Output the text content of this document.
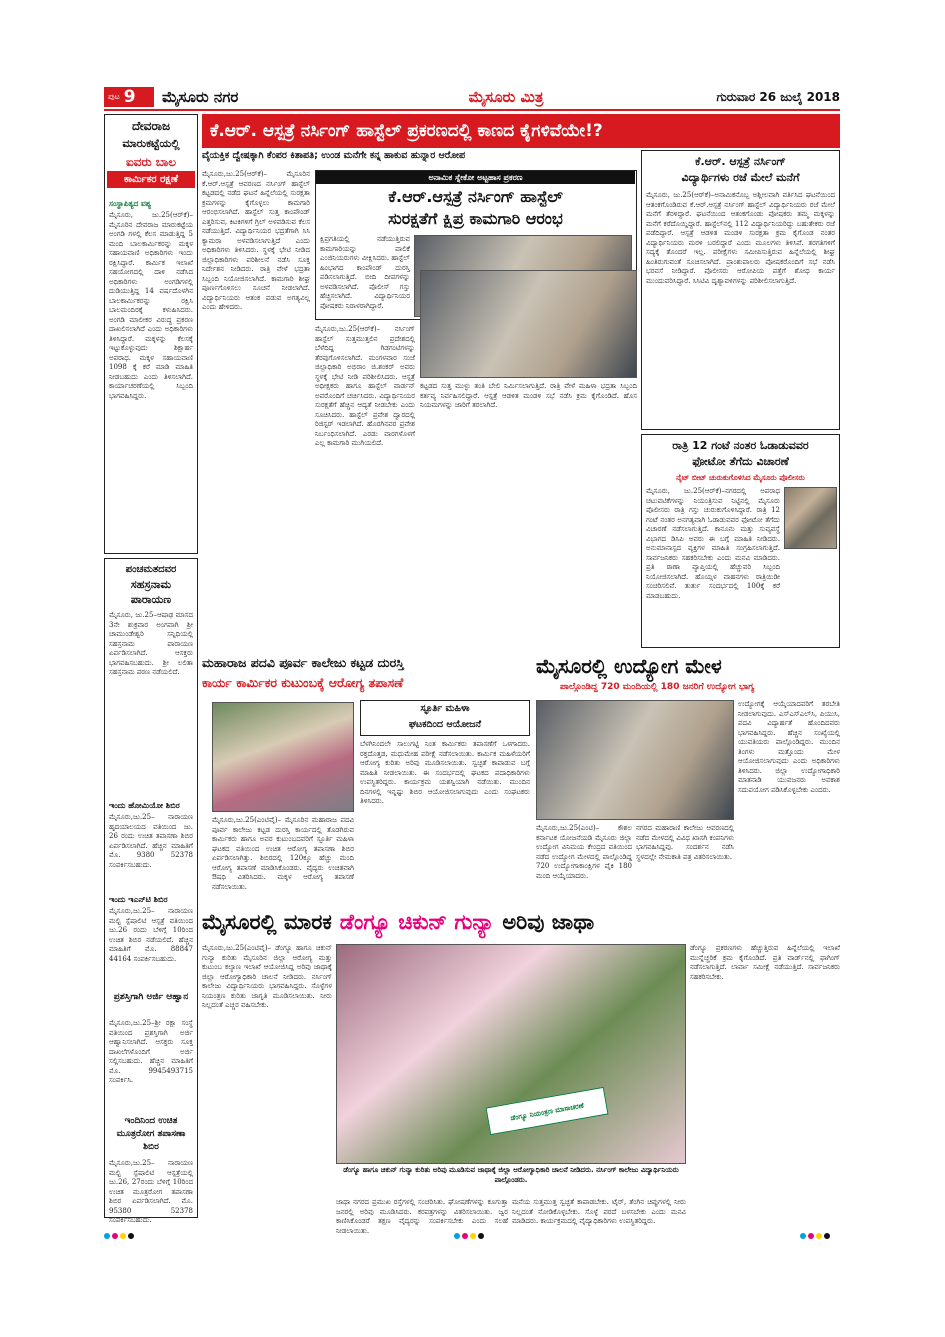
ಪುಟ 9 ಮೈಸೂರು ನಗರ	ಮೈಸೂರು ಮಿತ್ರ	ಗುರುವಾರ 26 ಜುಲೈ 2018
ಕೆ.ಆರ್. ಆಸ್ಪತ್ರೆ ನರ್ಸಿಂಗ್ ಹಾಸ್ಟೆಲ್ ಪ್ರಕರಣದಲ್ಲಿ ಕಾಣದ ಕೈಗಳಿವೆಯೇ!?
ವೈಯಕ್ತಿಕ ದ್ವೇಷಕ್ಕಾಗಿ ಕೆಂಪರ ಕಿತಾಪತಿ; ಉಂಡ ಮನೆಗೇ ಕನ್ನ ಹಾಕುವ ಹುನ್ನಾರ ಆರೋಪ
ದೇವರಾಜ
ಮಾರುಕಟ್ಟೆಯಲ್ಲಿ
ಐವರು ಬಾಲ
ಕಾರ್ಮಿಕರ ರಕ್ಷಣೆ
ಸಂಸ್ಥಾಪಿತ್ಯದ ವಶ್ಯ
ಮೈಸೂರು, ಜು.25(ಆರ್‌ಕೆ)– ಮೈಸೂರಿನ ದೇವರಾಜ ಮಾರುಕಟ್ಟೆಯ ಅಂಗಡಿ ಗಳಲ್ಲಿ ಕೆಲಸ ಮಾಡುತ್ತಿದ್ದ 5 ಮಂದಿ ಬಾಲಕಾರ್ಮಿಕರನ್ನು ಮಕ್ಕಳ ಸಹಾಯವಾಣಿ ಅಧಿಕಾರಿಗಳು ಇಂದು ರಕ್ಷಿಸಿದ್ದಾರೆ. ಕಾರ್ಮಿಕ ಇಲಾಖೆ ಸಹಯೋಗದಲ್ಲಿ ದಾಳಿ ನಡೆಸಿದ ಅಧಿಕಾರಿಗಳು ಅಂಗಡಿಗಳಲ್ಲಿ ದುಡಿಯುತ್ತಿದ್ದ 14 ವರ್ಷದೊಳಗಿನ ಬಾಲಕಾರ್ಮಿಕರನ್ನು ರಕ್ಷಿಸಿ ಬಾಲಮಂದಿರಕ್ಕೆ ಕಳುಹಿಸಿದರು. ಅಂಗಡಿ ಮಾಲೀಕರ ವಿರುದ್ಧ ಪ್ರಕರಣ ದಾಖಲಿಸಲಾಗಿದೆ ಎಂದು ಅಧಿಕಾರಿಗಳು ತಿಳಿಸಿದ್ದಾರೆ. ಮಕ್ಕಳನ್ನು ಕೆಲಸಕ್ಕೆ ಇಟ್ಟುಕೊಳ್ಳುವುದು ಶಿಕ್ಷಾರ್ಹ ಅಪರಾಧ. ಮಕ್ಕಳ ಸಹಾಯವಾಣಿ 1098 ಕ್ಕೆ ಕರೆ ಮಾಡಿ ಮಾಹಿತಿ ನೀಡಬಹುದು ಎಂದು ತಿಳಿಸಲಾಗಿದೆ. ಕಾರ್ಯಾಚರಣೆಯಲ್ಲಿ ಸಿಬ್ಬಂದಿ ಭಾಗವಹಿಸಿದ್ದರು.
ಪಂಚಮತದವರ
ಸಹಸ್ರನಾಮ
ಪಾರಾಯಣ
ಮೈಸೂರು, ಜು.25–ಆಷಾಢ ಮಾಸದ 3ನೇ ಶುಕ್ರವಾರ ಅಂಗವಾಗಿ ಶ್ರೀ ಚಾಮುಂಡೇಶ್ವರಿ ಸನ್ನಿಧಿಯಲ್ಲಿ ಸಹಸ್ರನಾಮ ಪಾರಾಯಣ ಏರ್ಪಡಿಸಲಾಗಿದೆ. ಆಸಕ್ತರು ಭಾಗವಹಿಸಬಹುದು. ಶ್ರೀ ಲಲಿತಾ ಸಹಸ್ರನಾಮ ಪಠಣ ನಡೆಯಲಿದೆ.
ಇಂದು ಹೋಮಿಯೋ ಶಿಬಿರ
ಮೈಸೂರು,ಜು.25– ನಾರಾಯಣ ಹೃದಯಾಲಯದ ವತಿಯಿಂದ ಜು. 26 ರಂದು ಉಚಿತ ತಪಾಸಣಾ ಶಿಬಿರ ಏರ್ಪಡಿಸಲಾಗಿದೆ. ಹೆಚ್ಚಿನ ಮಾಹಿತಿಗೆ ಮೊ. 9380 52378 ಸಂಪರ್ಕಿಸಬಹುದು.
ಇಂದು ಇಎನ್‌ಟಿ ಶಿಬಿರ
ಮೈಸೂರು,ಜು.25– ನಾರಾಯಣ ಮಲ್ಟಿ ಸ್ಪೆಷಾಲಿಟಿ ಆಸ್ಪತ್ರೆ ವತಿಯಿಂದ ಜು.26 ರಂದು ಬೆಳಿಗ್ಗೆ 10ರಿಂದ ಉಚಿತ ಶಿಬಿರ ನಡೆಯಲಿದೆ. ಹೆಚ್ಚಿನ ಮಾಹಿತಿಗೆ ಮೊ. 88847 44164 ಸಂಪರ್ಕಿಸಬಹುದು.
ಪ್ರಶಸ್ತಿಗಾಗಿ ಅರ್ಜಿ ಆಹ್ವಾನ
ಮೈಸೂರು,ಜು.25–ಶ್ರೀ ರಕ್ಷಾ ಸಂಸ್ಥೆ ವತಿಯಿಂದ ಪ್ರಶಸ್ತಿಗಾಗಿ ಅರ್ಜಿ ಆಹ್ವಾನಿಸಲಾಗಿದೆ. ಆಸಕ್ತರು ಸೂಕ್ತ ದಾಖಲೆಗಳೊಂದಿಗೆ ಅರ್ಜಿ ಸಲ್ಲಿಸಬಹುದು. ಹೆಚ್ಚಿನ ಮಾಹಿತಿಗೆ ಮೊ. 9945493715 ಸಂಪರ್ಕಿಸಿ.
ಇಂದಿನಿಂದ ಉಚಿತ ಮೂತ್ರರೋಗ ತಪಾಸಣಾ ಶಿಬಿರ
ಮೈಸೂರು,ಜು.25– ನಾರಾಯಣ ಮಲ್ಟಿ ಸ್ಪೆಷಾಲಿಟಿ ಆಸ್ಪತ್ರೆಯಲ್ಲಿ ಜು.26, 27ರಂದು ಬೆಳಿಗ್ಗೆ 10ರಿಂದ ಉಚಿತ ಮೂತ್ರರೋಗ ತಪಾಸಣಾ ಶಿಬಿರ ಏರ್ಪಡಿಸಲಾಗಿದೆ. ಮೊ. 95380 52378 ಸಂಪರ್ಕಿಸಬಹುದು.
ಮೈಸೂರು,ಜು.25(ಆರ್‌ಕೆ)– ಮೈಸೂರಿನ ಕೆ.ಆರ್.ಆಸ್ಪತ್ರೆ ಆವರಣದ ನರ್ಸಿಂಗ್ ಹಾಸ್ಟೆಲ್ ಕಟ್ಟಡದಲ್ಲಿ ನಡೆದ ಘಟನೆ ಹಿನ್ನೆಲೆಯಲ್ಲಿ ಸುರಕ್ಷತಾ ಕ್ರಮಗಳನ್ನು ಕೈಗೊಳ್ಳಲು ಕಾಮಗಾರಿ ಆರಂಭಿಸಲಾಗಿದೆ. ಹಾಸ್ಟೆಲ್ ಸುತ್ತ ಕಾಂಪೌಂಡ್ ಎತ್ತರಿಸುವ, ಕಿಟಕಿಗಳಿಗೆ ಗ್ರಿಲ್ ಅಳವಡಿಸುವ ಕೆಲಸ ನಡೆಯುತ್ತಿದೆ. ವಿದ್ಯಾರ್ಥಿನಿಯರ ಭದ್ರತೆಗಾಗಿ ಸಿಸಿ ಕ್ಯಾಮರಾ ಅಳವಡಿಸಲಾಗುತ್ತಿದೆ ಎಂದು ಅಧಿಕಾರಿಗಳು ತಿಳಿಸಿದರು. ಸ್ಥಳಕ್ಕೆ ಭೇಟಿ ನೀಡಿದ ಜಿಲ್ಲಾಧಿಕಾರಿಗಳು ಪರಿಶೀಲನೆ ನಡೆಸಿ ಸೂಕ್ತ ನಿರ್ದೇಶನ ನೀಡಿದರು. ರಾತ್ರಿ ವೇಳೆ ಭದ್ರತಾ ಸಿಬ್ಬಂದಿ ನಿಯೋಜಿಸಲಾಗಿದೆ. ಕಾಮಗಾರಿ ಶೀಘ್ರ ಪೂರ್ಣಗೊಳಿಸಲು ಸೂಚನೆ ನೀಡಲಾಗಿದೆ. ವಿದ್ಯಾರ್ಥಿನಿಯರು ಆತಂಕ ಪಡುವ ಅಗತ್ಯವಿಲ್ಲ ಎಂದು ಹೇಳಿದರು.
ಮೈಸೂರು,ಜು.25(ಆರ್‌ಕೆ)– ನರ್ಸಿಂಗ್ ಹಾಸ್ಟೆಲ್ ಸುತ್ತಮುತ್ತಲಿನ ಪ್ರದೇಶದಲ್ಲಿ ಬೆಳೆದಿದ್ದ ಗಿಡಗಂಟಿಗಳನ್ನು ತೆರವುಗೊಳಿಸಲಾಗಿದೆ. ಮಂಗಳವಾರ ಸಂಜೆ ಜಿಲ್ಲಾಧಿಕಾರಿ ಅಭಿರಾಂ ಜಿ.ಶಂಕರ್ ಅವರು ಸ್ಥಳಕ್ಕೆ ಭೇಟಿ ನೀಡಿ ಪರಿಶೀಲಿಸಿದರು. ಆಸ್ಪತ್ರೆ ಅಧೀಕ್ಷಕರು ಹಾಗೂ ಹಾಸ್ಟೆಲ್ ವಾರ್ಡನ್ ಅವರೊಂದಿಗೆ ಚರ್ಚಿಸಿದರು. ವಿದ್ಯಾರ್ಥಿನಿಯರ ಸುರಕ್ಷತೆಗೆ ಹೆಚ್ಚಿನ ಆದ್ಯತೆ ನೀಡಬೇಕು ಎಂದು ಸೂಚಿಸಿದರು. ಹಾಸ್ಟೆಲ್ ಪ್ರವೇಶ ದ್ವಾರದಲ್ಲಿ ರಿಜಿಸ್ಟರ್ ಇಡಲಾಗಿದೆ. ಹೊರಗಿನವರ ಪ್ರವೇಶ ನಿರ್ಬಂಧಿಸಲಾಗಿದೆ. ಎರಡು ವಾರಗಳೊಳಗೆ ಎಲ್ಲ ಕಾಮಗಾರಿ ಮುಗಿಯಲಿದೆ.
ಅನಾಮಿಕ ಸ್ನೇಕೋ ಅಟ್ಟಹಾಸ ಪ್ರಕರಣ
ಕೆ.ಆರ್.ಆಸ್ಪತ್ರೆ ನರ್ಸಿಂಗ್ ಹಾಸ್ಟೆಲ್
ಸುರಕ್ಷತೆಗೆ ಕ್ಷಿಪ್ರ ಕಾಮಗಾರಿ ಆರಂಭ
ಕ್ಷಿಪ್ರಗತಿಯಲ್ಲಿ ನಡೆಯುತ್ತಿರುವ ಕಾಮಗಾರಿಯನ್ನು ಪಾಲಿಕೆ ಎಂಜಿನಿಯರುಗಳು ವೀಕ್ಷಿಸಿದರು. ಹಾಸ್ಟೆಲ್ ಹಿಂಭಾಗದ ಕಾಂಪೌಂಡ್ ದುರಸ್ತಿ ಪಡಿಸಲಾಗುತ್ತಿದೆ. ಬೀದಿ ದೀಪಗಳನ್ನು ಅಳವಡಿಸಲಾಗಿದೆ. ಪೊಲೀಸ್ ಗಸ್ತು ಹೆಚ್ಚಿಸಲಾಗಿದೆ. ವಿದ್ಯಾರ್ಥಿನಿಯರ ಪೋಷಕರು ನಿರಾಳರಾಗಿದ್ದಾರೆ.
ಕಟ್ಟಡದ ಸುತ್ತ ಮುಳ್ಳು ತಂತಿ ಬೇಲಿ ನಿರ್ಮಿಸಲಾಗುತ್ತಿದೆ. ರಾತ್ರಿ ವೇಳೆ ಮಹಿಳಾ ಭದ್ರತಾ ಸಿಬ್ಬಂದಿ ಕರ್ತವ್ಯ ನಿರ್ವಹಿಸಲಿದ್ದಾರೆ. ಆಸ್ಪತ್ರೆ ಆಡಳಿತ ಮಂಡಳಿ ಸಭೆ ನಡೆಸಿ ಕ್ರಮ ಕೈಗೊಂಡಿದೆ. ಹೊಸ ನಿಯಮಗಳನ್ನು ಜಾರಿಗೆ ತರಲಾಗಿದೆ.
ಕೆ.ಆರ್. ಆಸ್ಪತ್ರೆ ನರ್ಸಿಂಗ್
ವಿದ್ಯಾರ್ಥಿಗಳು ರಜೆ ಮೇಲೆ ಮನೆಗೆ
ಮೈಸೂರು, ಜು.25(ಆರ್‌ಕೆ)–ಅನಾಮಿಕನೊಬ್ಬ ಅಶ್ಲೀಲವಾಗಿ ವರ್ತಿಸಿದ ಘಟನೆಯಿಂದ ಆತಂಕಗೊಂಡಿರುವ ಕೆ.ಆರ್.ಆಸ್ಪತ್ರೆ ನರ್ಸಿಂಗ್ ಹಾಸ್ಟೆಲ್ ವಿದ್ಯಾರ್ಥಿನಿಯರು ರಜೆ ಮೇಲೆ ಮನೆಗೆ ತೆರಳಿದ್ದಾರೆ. ಘಟನೆಯಿಂದ ಆತಂಕಗೊಂಡು ಪೋಷಕರು ತಮ್ಮ ಮಕ್ಕಳನ್ನು ಮನೆಗೆ ಕರೆದೊಯ್ದಿದ್ದಾರೆ. ಹಾಸ್ಟೆಲ್‌ನಲ್ಲಿ 112 ವಿದ್ಯಾರ್ಥಿನಿಯರಿದ್ದು ಬಹುತೇಕರು ರಜೆ ಪಡೆದಿದ್ದಾರೆ. ಆಸ್ಪತ್ರೆ ಆಡಳಿತ ಮಂಡಳಿ ಸುರಕ್ಷತಾ ಕ್ರಮ ಕೈಗೊಂಡ ನಂತರ ವಿದ್ಯಾರ್ಥಿನಿಯರು ಮರಳಿ ಬರಲಿದ್ದಾರೆ ಎಂದು ಮೂಲಗಳು ತಿಳಿಸಿವೆ. ತರಗತಿಗಳಿಗೆ ಸದ್ಯಕ್ಕೆ ತೊಂದರೆ ಇಲ್ಲ. ಪರೀಕ್ಷೆಗಳು ಸಮೀಪಿಸುತ್ತಿರುವ ಹಿನ್ನೆಲೆಯಲ್ಲಿ ಶೀಘ್ರ ಹಿಂತಿರುಗುವಂತೆ ಸೂಚಿಸಲಾಗಿದೆ. ಪ್ರಾಂಶುಪಾಲರು ಪೋಷಕರೊಂದಿಗೆ ಸಭೆ ನಡೆಸಿ ಭರವಸೆ ನೀಡಿದ್ದಾರೆ. ಪೊಲೀಸರು ಆರೋಪಿಯ ಪತ್ತೆಗೆ ಶೋಧ ಕಾರ್ಯ ಮುಂದುವರಿಸಿದ್ದಾರೆ. ಸಿಸಿಟಿವಿ ದೃಶ್ಯಾವಳಿಗಳನ್ನು ಪರಿಶೀಲಿಸಲಾಗುತ್ತಿದೆ.
ರಾತ್ರಿ 12 ಗಂಟೆ ನಂತರ ಓಡಾಡುವವರ
ಫೋಟೋ ತೆಗೆದು ವಿಚಾರಣೆ
ನೈಟ್ ಬೀಟ್ ಚುರುಕುಗೊಳಿಸಿದ ಮೈಸೂರು ಪೊಲೀಸರು
ಮೈಸೂರು, ಜು.25(ಆರ್‌ಕೆ)–ನಗರದಲ್ಲಿ ಅಪರಾಧ ಚಟುವಟಿಕೆಗಳನ್ನು ನಿಯಂತ್ರಿಸುವ ನಿಟ್ಟಿನಲ್ಲಿ ಮೈಸೂರು ಪೊಲೀಸರು ರಾತ್ರಿ ಗಸ್ತು ಚುರುಕುಗೊಳಿಸಿದ್ದಾರೆ. ರಾತ್ರಿ 12 ಗಂಟೆ ನಂತರ ಅನಗತ್ಯವಾಗಿ ಓಡಾಡುವವರ ಫೋಟೋ ತೆಗೆದು ವಿಚಾರಣೆ ನಡೆಸಲಾಗುತ್ತಿದೆ. ಕಾನೂನು ಮತ್ತು ಸುವ್ಯವಸ್ಥೆ ವಿಭಾಗದ ಡಿಸಿಪಿ ಅವರು ಈ ಬಗ್ಗೆ ಮಾಹಿತಿ ನೀಡಿದರು. ಅನುಮಾನಾಸ್ಪದ ವ್ಯಕ್ತಿಗಳ ಮಾಹಿತಿ ಸಂಗ್ರಹಿಸಲಾಗುತ್ತಿದೆ. ಸಾರ್ವಜನಿಕರು ಸಹಕರಿಸಬೇಕು ಎಂದು ಮನವಿ ಮಾಡಿದರು. ಪ್ರತಿ ಠಾಣಾ ವ್ಯಾಪ್ತಿಯಲ್ಲಿ ಹೆಚ್ಚುವರಿ ಸಿಬ್ಬಂದಿ ನಿಯೋಜಿಸಲಾಗಿದೆ. ಹೊಯ್ಸಳ ವಾಹನಗಳು ರಾತ್ರಿಯಿಡೀ ಸಂಚರಿಸಲಿವೆ. ತುರ್ತು ಸಂದರ್ಭದಲ್ಲಿ 100ಕ್ಕೆ ಕರೆ ಮಾಡಬಹುದು.
ಮಹಾರಾಜ ಪದವಿ ಪೂರ್ವ ಕಾಲೇಜು ಕಟ್ಟಡ ದುರಸ್ತಿ
ಕಾರ್ಯ ಕಾರ್ಮಿಕರ ಕುಟುಂಬಕ್ಕೆ ಆರೋಗ್ಯ ತಪಾಸಣೆ
ಸ್ಫೂರ್ತಿ ಮಹಿಳಾ
ಘಟಕದಿಂದ ಆಯೋಜನೆ
ಬೆಳಗಿನಿಂದಲೇ ಸಾಲುಗಟ್ಟಿ ನಿಂತ ಕಾರ್ಮಿಕರು ತಪಾಸಣೆಗೆ ಒಳಗಾದರು. ರಕ್ತದೊತ್ತಡ, ಮಧುಮೇಹ ಪರೀಕ್ಷೆ ನಡೆಸಲಾಯಿತು. ಕಾರ್ಮಿಕ ಮಹಿಳೆಯರಿಗೆ ಆರೋಗ್ಯ ಕುರಿತು ಅರಿವು ಮೂಡಿಸಲಾಯಿತು. ಸ್ವಚ್ಛತೆ ಕಾಪಾಡುವ ಬಗ್ಗೆ ಮಾಹಿತಿ ನೀಡಲಾಯಿತು. ಈ ಸಂದರ್ಭದಲ್ಲಿ ಘಟಕದ ಪದಾಧಿಕಾರಿಗಳು ಉಪಸ್ಥಿತರಿದ್ದರು. ಕಾರ್ಯಕ್ರಮ ಯಶಸ್ವಿಯಾಗಿ ನಡೆಯಿತು. ಮುಂದಿನ ದಿನಗಳಲ್ಲಿ ಇನ್ನಷ್ಟು ಶಿಬಿರ ಆಯೋಜಿಸಲಾಗುವುದು ಎಂದು ಸಂಘಟಕರು ತಿಳಿಸಿದರು.
ಮೈಸೂರು,ಜು.25(ಎಂಟಿವೈ)– ಮೈಸೂರಿನ ಮಹಾರಾಜ ಪದವಿ ಪೂರ್ವ ಕಾಲೇಜು ಕಟ್ಟಡ ದುರಸ್ತಿ ಕಾರ್ಯದಲ್ಲಿ ತೊಡಗಿರುವ ಕಾರ್ಮಿಕರು ಹಾಗೂ ಅವರ ಕುಟುಂಬದವರಿಗೆ ಸ್ಫೂರ್ತಿ ಮಹಿಳಾ ಘಟಕದ ವತಿಯಿಂದ ಉಚಿತ ಆರೋಗ್ಯ ತಪಾಸಣಾ ಶಿಬಿರ ಏರ್ಪಡಿಸಲಾಗಿತ್ತು. ಶಿಬಿರದಲ್ಲಿ 120ಕ್ಕೂ ಹೆಚ್ಚು ಮಂದಿ ಆರೋಗ್ಯ ತಪಾಸಣೆ ಮಾಡಿಸಿಕೊಂಡರು. ವೈದ್ಯರು ಉಚಿತವಾಗಿ ಔಷಧಿ ವಿತರಿಸಿದರು. ಮಕ್ಕಳ ಆರೋಗ್ಯ ತಪಾಸಣೆ ನಡೆಸಲಾಯಿತು.
ಮೈಸೂರಲ್ಲಿ ಉದ್ಯೋಗ ಮೇಳ
ಪಾಲ್ಗೊಂಡಿದ್ದ 720 ಮಂದಿಯಲ್ಲಿ 180 ಜನರಿಗೆ ಉದ್ಯೋಗ ಭಾಗ್ಯ
ಉದ್ಯೋಗಕ್ಕೆ ಆಯ್ಕೆಯಾದವರಿಗೆ ತರಬೇತಿ ನೀಡಲಾಗುವುದು. ಎಸ್‌ಎಸ್‌ಎಲ್‌ಸಿ, ಪಿಯುಸಿ, ಪದವಿ ವಿದ್ಯಾರ್ಹತೆ ಹೊಂದಿದವರು ಭಾಗವಹಿಸಿದ್ದರು. ಹೆಚ್ಚಿನ ಸಂಖ್ಯೆಯಲ್ಲಿ ಯುವತಿಯರು ಪಾಲ್ಗೊಂಡಿದ್ದರು. ಮುಂದಿನ ತಿಂಗಳು ಮತ್ತೊಂದು ಮೇಳ ಆಯೋಜಿಸಲಾಗುವುದು ಎಂದು ಅಧಿಕಾರಿಗಳು ತಿಳಿಸಿದರು. ಜಿಲ್ಲಾ ಉದ್ಯೋಗಾಧಿಕಾರಿ ಮಾತನಾಡಿ ಯುವಜನರು ಅವಕಾಶ ಸದುಪಯೋಗ ಪಡಿಸಿಕೊಳ್ಳಬೇಕು ಎಂದರು.
ಮೈಸೂರು,ಜು.25(ಎಂಟಿ)– ಕೌಶಲ ಕರ್ನಾಟಕ ಯೋಜನೆಯಡಿ ಮೈಸೂರು ಜಿಲ್ಲಾ ಉದ್ಯೋಗ ವಿನಿಮಯ ಕೇಂದ್ರದ ವತಿಯಿಂದ ನಡೆದ ಉದ್ಯೋಗ ಮೇಳದಲ್ಲಿ ಪಾಲ್ಗೊಂಡಿದ್ದ 720 ಉದ್ಯೋಗಾಕಾಂಕ್ಷಿಗಳ ಪೈಕಿ 180 ಮಂದಿ ಆಯ್ಕೆಯಾದರು.
ನಗರದ ಮಹಾರಾಣಿ ಕಾಲೇಜು ಆವರಣದಲ್ಲಿ ನಡೆದ ಮೇಳದಲ್ಲಿ ವಿವಿಧ ಖಾಸಗಿ ಕಂಪನಿಗಳು ಭಾಗವಹಿಸಿದ್ದವು. ಸಂದರ್ಶನ ನಡೆಸಿ ಸ್ಥಳದಲ್ಲೇ ನೇಮಕಾತಿ ಪತ್ರ ವಿತರಿಸಲಾಯಿತು.
ಮೈಸೂರಲ್ಲಿ ಮಾರಕ ಡೆಂಗ್ಯೂ ಚಿಕುನ್ ಗುನ್ಯಾ ಅರಿವು ಜಾಥಾ
ಮೈಸೂರು,ಜು.25(ಎಂಟಿವೈ)– ಡೆಂಗ್ಯೂ ಹಾಗೂ ಚಿಕುನ್ ಗುನ್ಯಾ ಕುರಿತು ಮೈಸೂರಿನ ಜಿಲ್ಲಾ ಆರೋಗ್ಯ ಮತ್ತು ಕುಟುಂಬ ಕಲ್ಯಾಣ ಇಲಾಖೆ ಆಯೋಜಿಸಿದ್ದ ಅರಿವು ಜಾಥಾಕ್ಕೆ ಜಿಲ್ಲಾ ಆರೋಗ್ಯಾಧಿಕಾರಿ ಚಾಲನೆ ನೀಡಿದರು. ನರ್ಸಿಂಗ್ ಕಾಲೇಜು ವಿದ್ಯಾರ್ಥಿನಿಯರು ಭಾಗವಹಿಸಿದ್ದರು. ಸೊಳ್ಳೆಗಳ ನಿಯಂತ್ರಣ ಕುರಿತು ಜಾಗೃತಿ ಮೂಡಿಸಲಾಯಿತು. ನೀರು ನಿಲ್ಲದಂತೆ ಎಚ್ಚರ ವಹಿಸಬೇಕು.
ಡೆಂಗ್ಯೂ ನಿಯಂತ್ರಣ ಮಾಸಾಚರಣೆ
ಡೆಂಗ್ಯೂ ಹಾಗೂ ಚಿಕುನ್ ಗುನ್ಯಾ ಕುರಿತು ಅರಿವು ಮೂಡಿಸುವ ಜಾಥಾಕ್ಕೆ ಜಿಲ್ಲಾ ಆರೋಗ್ಯಾಧಿಕಾರಿ ಚಾಲನೆ ನೀಡಿದರು. ನರ್ಸಿಂಗ್ ಕಾಲೇಜು ವಿದ್ಯಾರ್ಥಿನಿಯರು ಪಾಲ್ಗೊಂಡರು.
ಡೆಂಗ್ಯೂ ಪ್ರಕರಣಗಳು ಹೆಚ್ಚುತ್ತಿರುವ ಹಿನ್ನೆಲೆಯಲ್ಲಿ ಇಲಾಖೆ ಮುನ್ನೆಚ್ಚರಿಕೆ ಕ್ರಮ ಕೈಗೊಂಡಿದೆ. ಪ್ರತಿ ವಾರ್ಡ್‌ನಲ್ಲಿ ಫಾಗಿಂಗ್ ನಡೆಸಲಾಗುತ್ತಿದೆ. ಲಾರ್ವಾ ಸಮೀಕ್ಷೆ ನಡೆಯುತ್ತಿದೆ. ಸಾರ್ವಜನಿಕರು ಸಹಕರಿಸಬೇಕು.
ಜಾಥಾ ನಗರದ ಪ್ರಮುಖ ರಸ್ತೆಗಳಲ್ಲಿ ಸಂಚರಿಸಿತು. ಘೋಷಣೆಗಳನ್ನು ಕೂಗುತ್ತಾ ಜನರಲ್ಲಿ ಅರಿವು ಮೂಡಿಸಿದರು. ಕರಪತ್ರಗಳನ್ನು ವಿತರಿಸಲಾಯಿತು. ಜ್ವರ ಕಾಣಿಸಿಕೊಂಡರೆ ತಕ್ಷಣ ವೈದ್ಯರನ್ನು ಸಂಪರ್ಕಿಸಬೇಕು ಎಂದು ಸಲಹೆ ನೀಡಲಾಯಿತು.
ಮನೆಯ ಸುತ್ತಮುತ್ತ ಸ್ವಚ್ಛತೆ ಕಾಪಾಡಬೇಕು. ಟೈರ್, ತೆಂಗಿನ ಚಿಪ್ಪುಗಳಲ್ಲಿ ನೀರು ನಿಲ್ಲದಂತೆ ನೋಡಿಕೊಳ್ಳಬೇಕು. ಸೊಳ್ಳೆ ಪರದೆ ಬಳಸಬೇಕು ಎಂದು ಮನವಿ ಮಾಡಿದರು. ಕಾರ್ಯಕ್ರಮದಲ್ಲಿ ವೈದ್ಯಾಧಿಕಾರಿಗಳು ಉಪಸ್ಥಿತರಿದ್ದರು.
